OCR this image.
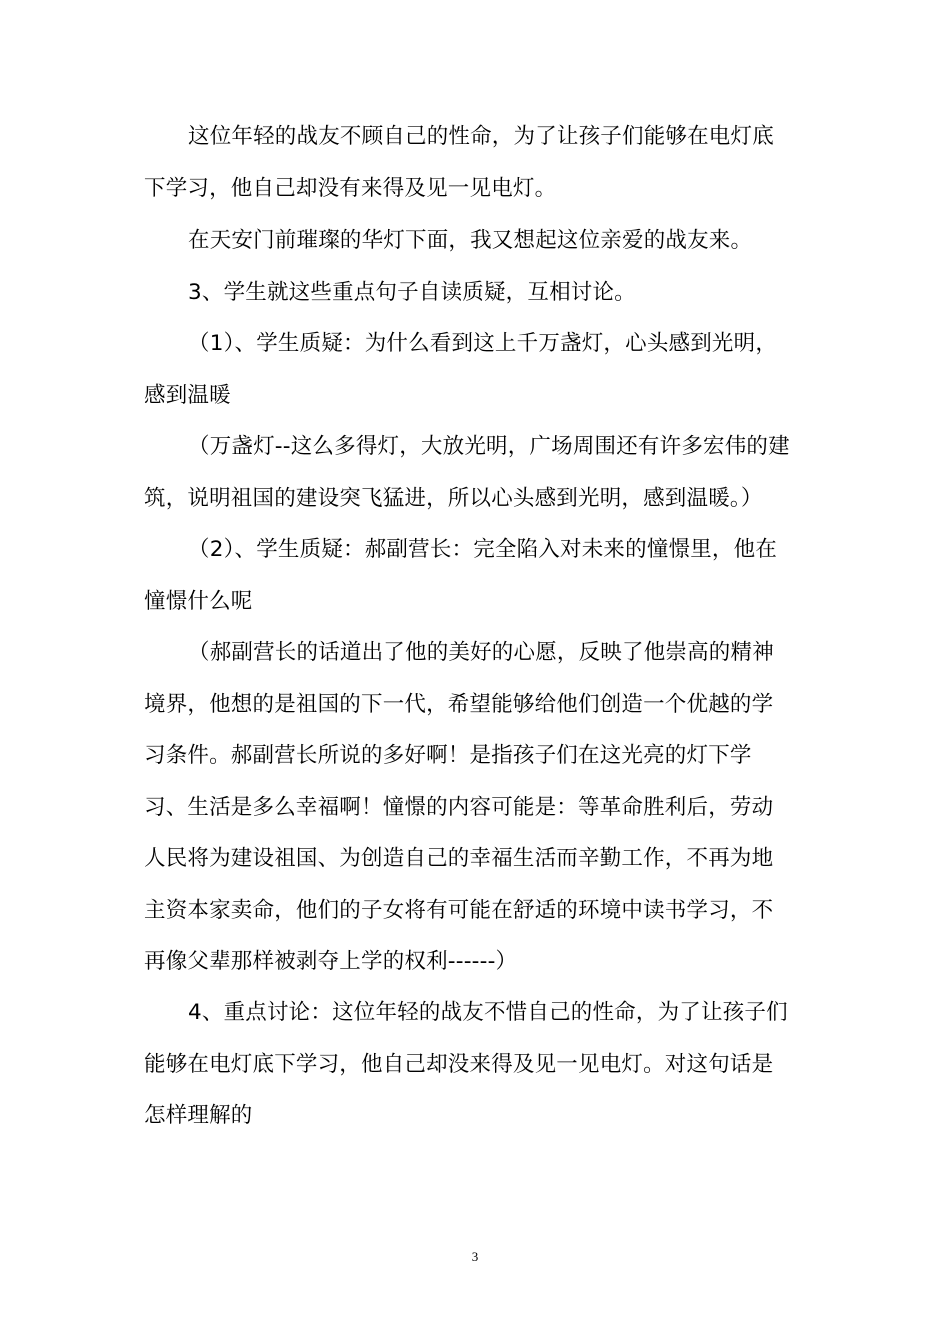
这位年轻的战友不顾自己的性命，为了让孩子们能够在电灯底
下学习，他自己却没有来得及见一见电灯。
在天安门前璀璨的华灯下面，我又想起这位亲爱的战友来。
3、学生就这些重点句子自读质疑，互相讨论。
（1）、学生质疑：为什么看到这上千万盏灯，心头感到光明，
感到温暖
（万盏灯--这么多得灯，大放光明，广场周围还有许多宏伟的建
筑，说明祖国的建设突飞猛进，所以心头感到光明，感到温暖。）
（2）、学生质疑：郝副营长：完全陷入对未来的憧憬里，他在
憧憬什么呢
（郝副营长的话道出了他的美好的心愿，反映了他崇高的精神
境界，他想的是祖国的下一代，希望能够给他们创造一个优越的学
习条件。郝副营长所说的多好啊！是指孩子们在这光亮的灯下学
习、生活是多么幸福啊！憧憬的内容可能是：等革命胜利后，劳动
人民将为建设祖国、为创造自己的幸福生活而辛勤工作，不再为地
主资本家卖命，他们的子女将有可能在舒适的环境中读书学习，不
再像父辈那样被剥夺上学的权利------）
4、重点讨论：这位年轻的战友不惜自己的性命，为了让孩子们
能够在电灯底下学习，他自己却没来得及见一见电灯。对这句话是
怎样理解的
3
